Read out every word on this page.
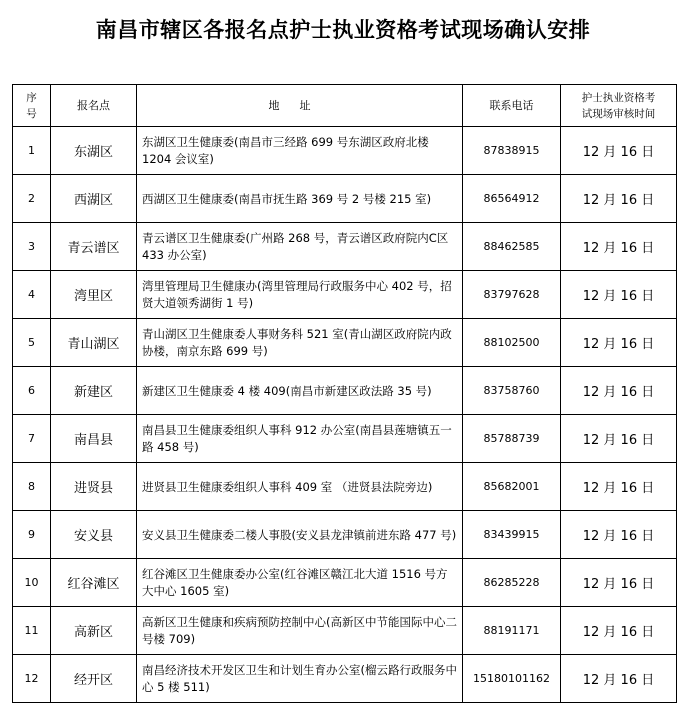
南昌市辖区各报名点护士执业资格考试现场确认安排
序
号	报名点	地址	联系电话	护士执业资格考
试现场审核时间
1	东湖区	东湖区卫生健康委(南昌市三经路 699 号东湖区政府北楼 1204 会议室)	87838915	12 月 16 日
2	西湖区	西湖区卫生健康委(南昌市抚生路 369 号 2 号楼 215 室)	86564912	12 月 16 日
3	青云谱区	青云谱区卫生健康委(广州路 268 号，青云谱区政府院内C区 433 办公室)	88462585	12 月 16 日
4	湾里区	湾里管理局卫生健康办(湾里管理局行政服务中心 402 号，招贤大道领秀湖街 1 号)	83797628	12 月 16 日
5	青山湖区	青山湖区卫生健康委人事财务科 521 室(青山湖区政府院内政协楼，南京东路 699 号)	88102500	12 月 16 日
6	新建区	新建区卫生健康委 4 楼 409(南昌市新建区政法路 35 号)	83758760	12 月 16 日
7	南昌县	南昌县卫生健康委组织人事科 912 办公室(南昌县莲塘镇五一路 458 号)	85788739	12 月 16 日
8	进贤县	进贤县卫生健康委组织人事科 409 室 （进贤县法院旁边)	85682001	12 月 16 日
9	安义县	安义县卫生健康委二楼人事股(安义县龙津镇前进东路 477 号)	83439915	12 月 16 日
10	红谷滩区	红谷滩区卫生健康委办公室(红谷滩区赣江北大道 1516 号方大中心 1605 室)	86285228	12 月 16 日
11	高新区	高新区卫生健康和疾病预防控制中心(高新区中节能国际中心二号楼 709)	88191171	12 月 16 日
12	经开区	南昌经济技术开发区卫生和计划生育办公室(榴云路行政服务中心 5 楼 511)	15180101162	12 月 16 日
